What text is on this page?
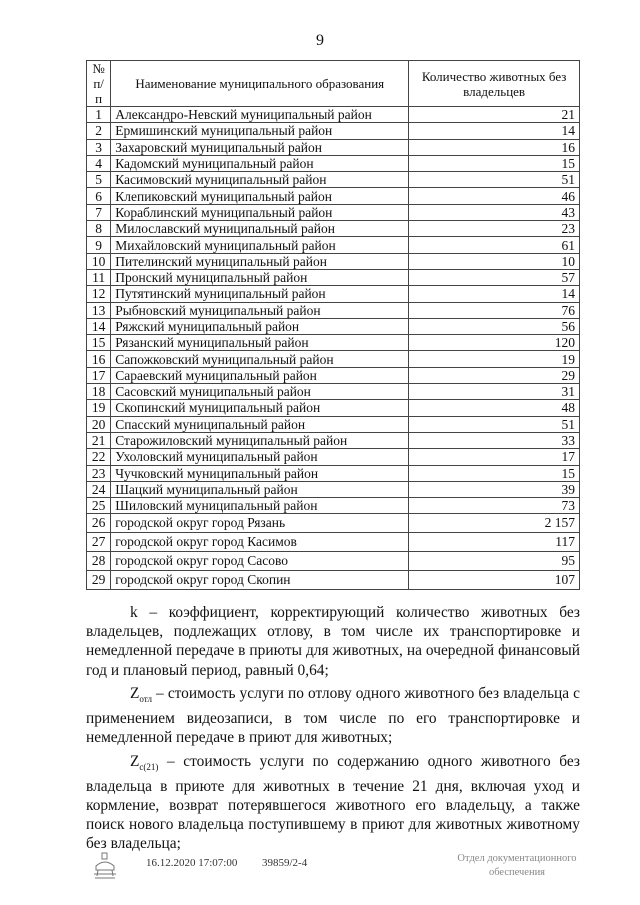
9
№ п/п	Наименование муниципального образования	Количество животных без владельцев
1	Александро-Невский муниципальный район	21
2	Ермишинский муниципальный район	14
3	Захаровский муниципальный район	16
4	Кадомский муниципальный район	15
5	Касимовский муниципальный район	51
6	Клепиковский муниципальный район	46
7	Кораблинский муниципальный район	43
8	Милославский муниципальный район	23
9	Михайловский муниципальный район	61
10	Пителинский муниципальный район	10
11	Пронский муниципальный район	57
12	Путятинский муниципальный район	14
13	Рыбновский муниципальный район	76
14	Ряжский муниципальный район	56
15	Рязанский муниципальный район	120
16	Сапожковский муниципальный район	19
17	Сараевский муниципальный район	29
18	Сасовский муниципальный район	31
19	Скопинский муниципальный район	48
20	Спасский муниципальный район	51
21	Старожиловский муниципальный район	33
22	Ухоловский муниципальный район	17
23	Чучковский муниципальный район	15
24	Шацкий муниципальный район	39
25	Шиловский муниципальный район	73
26	городской округ город Рязань	2 157
27	городской округ город Касимов	117
28	городской округ город Сасово	95
29	городской округ город Скопин	107

k – коэффициент, корректирующий количество животных без владельцев, подлежащих отлову, в том числе их транспортировке и немедленной передаче в приюты для животных, на очередной финансовый год и плановый период, равный 0,64;

$Z_{отл}$ – стоимость услуги по отлову одного животного без владельца с применением видеозаписи, в том числе по его транспортировке и немедленной передаче в приют для животных;

$Z_{с(21)}$ – стоимость услуги по содержанию одного животного без владельца в приюте для животных в течение 21 дня, включая уход и кормление, возврат потерявшегося животного его владельцу, а также поиск нового владельца поступившему в приют для животных животному без владельца;

16.12.2020 17:07:00 39859/2-4	Отдел документационного обеспечения
